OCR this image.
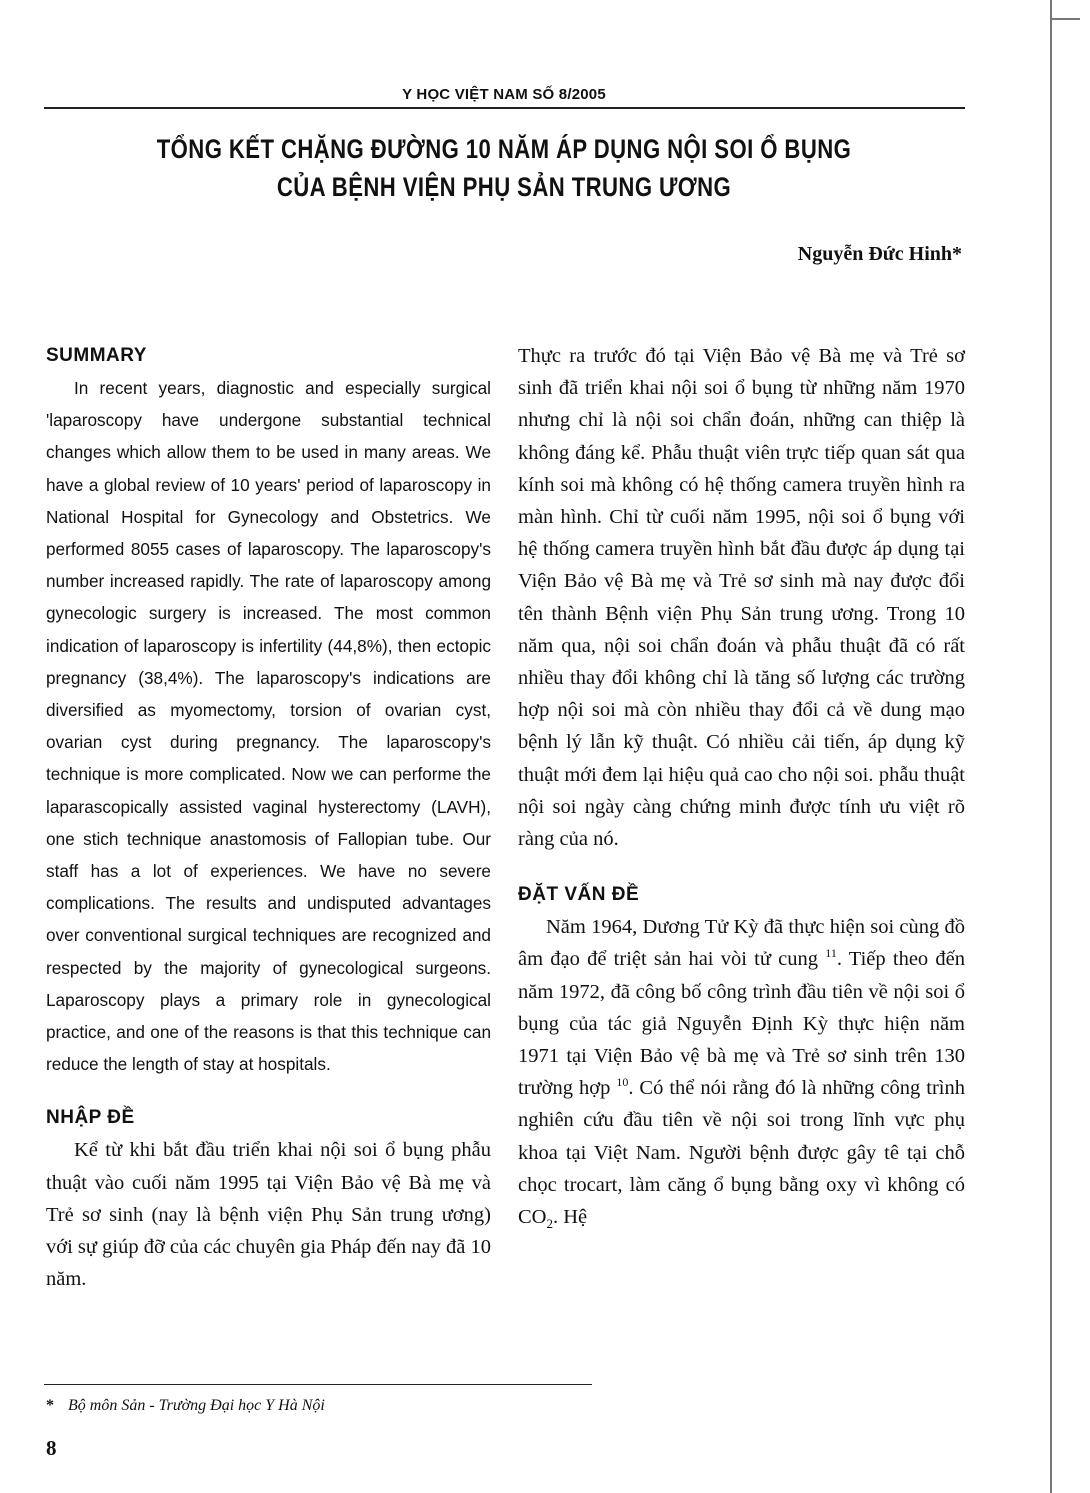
Y HỌC VIỆT NAM SỐ 8/2005
TỔNG KẾT CHẶNG ĐƯỜNG 10 NĂM ÁP DỤNG NỘI SOI Ổ BỤNG
CỦA BỆNH VIỆN PHỤ SẢN TRUNG ƯƠNG
Nguyễn Đức Hinh*
SUMMARY

In recent years, diagnostic and especially surgical 'laparoscopy have undergone substantial technical changes which allow them to be used in many areas. We have a global review of 10 years' period of laparoscopy in National Hospital for Gynecology and Obstetrics. We performed 8055 cases of laparoscopy. The laparoscopy's number increased rapidly. The rate of laparoscopy among gynecologic surgery is increased. The most common indication of laparoscopy is infertility (44,8%), then ectopic pregnancy (38,4%). The laparoscopy's indications are diversified as myomectomy, torsion of ovarian cyst, ovarian cyst during pregnancy. The laparoscopy's technique is more complicated. Now we can performe the laparascopically assisted vaginal hysterectomy (LAVH), one stich technique anastomosis of Fallopian tube. Our staff has a lot of experiences. We have no severe complications. The results and undisputed advantages over conventional surgical techniques are recognized and respected by the majority of gynecological surgeons. Laparoscopy plays a primary role in gynecological practice, and one of the reasons is that this technique can reduce the length of stay at hospitals.

NHẬP ĐỀ

Kể từ khi bắt đầu triển khai nội soi ổ bụng phẫu thuật vào cuối năm 1995 tại Viện Bảo vệ Bà mẹ và Trẻ sơ sinh (nay là bệnh viện Phụ Sản trung ương) với sự giúp đỡ của các chuyên gia Pháp đến nay đã 10 năm.

Thực ra trước đó tại Viện Bảo vệ Bà mẹ và Trẻ sơ sinh đã triển khai nội soi ổ bụng từ những năm 1970 nhưng chỉ là nội soi chẩn đoán, những can thiệp là không đáng kể. Phẫu thuật viên trực tiếp quan sát qua kính soi mà không có hệ thống camera truyền hình ra màn hình. Chỉ từ cuối năm 1995, nội soi ổ bụng với hệ thống camera truyền hình bắt đầu được áp dụng tại Viện Bảo vệ Bà mẹ và Trẻ sơ sinh mà nay được đổi tên thành Bệnh viện Phụ Sản trung ương. Trong 10 năm qua, nội soi chẩn đoán và phẫu thuật đã có rất nhiều thay đổi không chỉ là tăng số lượng các trường hợp nội soi mà còn nhiều thay đổi cả về dung mạo bệnh lý lẫn kỹ thuật. Có nhiều cải tiến, áp dụng kỹ thuật mới đem lại hiệu quả cao cho nội soi. phẫu thuật nội soi ngày càng chứng minh được tính ưu việt rõ ràng của nó.

ĐẶT VẤN ĐỀ

Năm 1964, Dương Tử Kỳ đã thực hiện soi cùng đồ âm đạo để triệt sản hai vòi tử cung $^{11}$. Tiếp theo đến năm 1972, đã công bố công trình đầu tiên về nội soi ổ bụng của tác giả Nguyễn Định Kỳ thực hiện năm 1971 tại Viện Bảo vệ bà mẹ và Trẻ sơ sinh trên 130 trường hợp $^{10}$. Có thể nói rằng đó là những công trình nghiên cứu đầu tiên về nội soi trong lĩnh vực phụ khoa tại Việt Nam. Người bệnh được gây tê tại chỗ chọc trocart, làm căng ổ bụng bằng oxy vì không có $CO_2$. Hệ

* Bộ môn Sản - Trường Đại học Y Hà Nội
8
